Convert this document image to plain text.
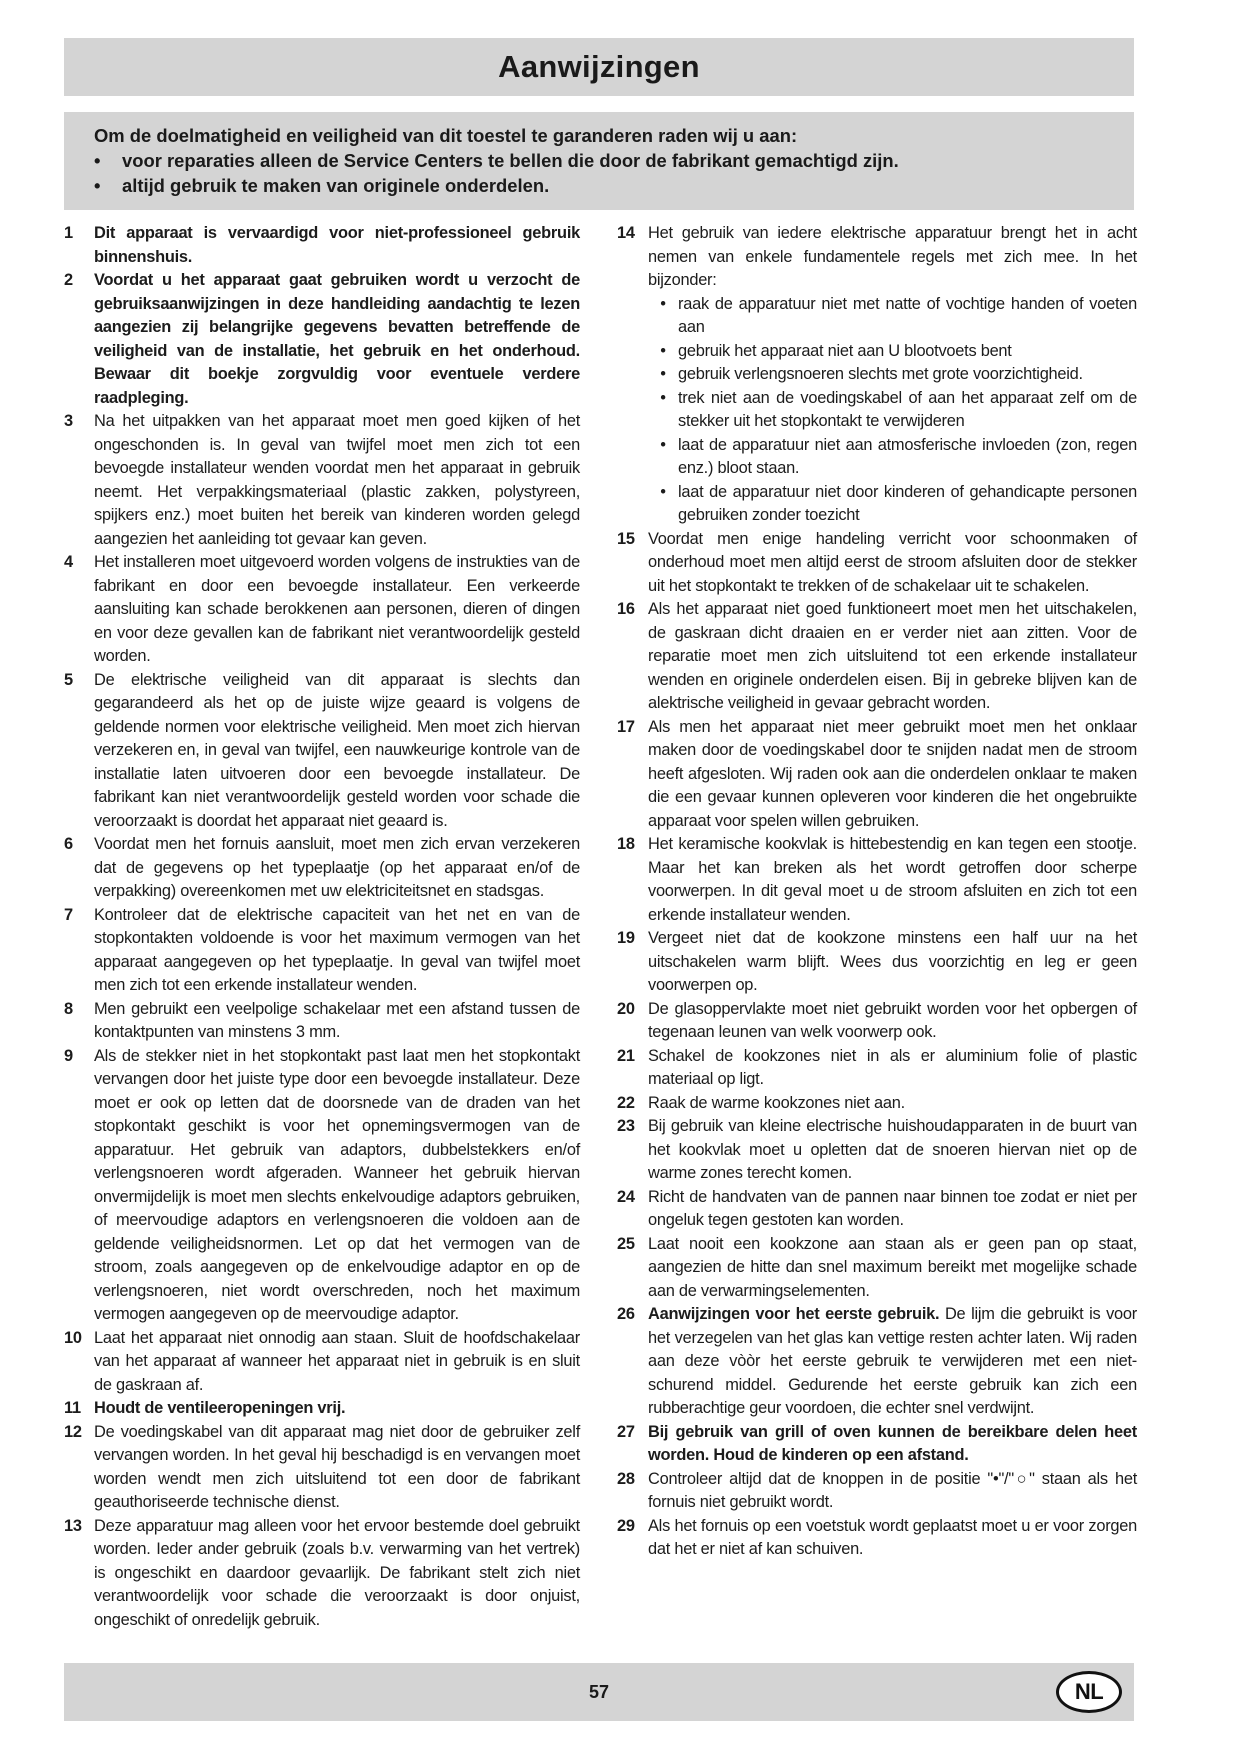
Aanwijzingen
Om de doelmatigheid en veiligheid van dit toestel te garanderen raden wij u aan:
•	voor reparaties alleen de Service Centers te bellen die door de fabrikant gemachtigd zijn.
•	altijd gebruik te maken van originele onderdelen.
1	Dit apparaat is vervaardigd voor niet-professioneel gebruik binnenshuis.
2	Voordat u het apparaat gaat gebruiken wordt u verzocht de gebruiksaanwijzingen in deze handleiding aandachtig te lezen aangezien zij belangrijke gegevens bevatten betreffende de veiligheid van de installatie, het gebruik en het onderhoud. Bewaar dit boekje zorgvuldig voor eventuele verdere raadpleging.
3	Na het uitpakken van het apparaat moet men goed kijken of het ongeschonden is. In geval van twijfel moet men zich tot een bevoegde installateur wenden voordat men het apparaat in gebruik neemt. Het verpakkingsmateriaal (plastic zakken, polystyreen, spijkers enz.) moet buiten het bereik van kinderen worden gelegd aangezien het aanleiding tot gevaar kan geven.
4	Het installeren moet uitgevoerd worden volgens de instrukties van de fabrikant en door een bevoegde installateur. Een verkeerde aansluiting kan schade berokkenen aan personen, dieren of dingen en voor deze gevallen kan de fabrikant niet verantwoordelijk gesteld worden.
5	De elektrische veiligheid van dit apparaat is slechts dan gegarandeerd als het op de juiste wijze geaard is volgens de geldende normen voor elektrische veiligheid. Men moet zich hiervan verzekeren en, in geval van twijfel, een nauwkeurige kontrole van de installatie laten uitvoeren door een bevoegde installateur. De fabrikant kan niet verantwoordelijk gesteld worden voor schade die veroorzaakt is doordat het apparaat niet geaard is.
6	Voordat men het fornuis aansluit, moet men zich ervan verzekeren dat de gegevens op het typeplaatje (op het apparaat en/of de verpakking) overeenkomen met uw elektriciteitsnet en stadsgas.
7	Kontroleer dat de elektrische capaciteit van het net en van de stopkontakten voldoende is voor het maximum vermogen van het apparaat aangegeven op het typeplaatje. In geval van twijfel moet men zich tot een erkende installateur wenden.
8	Men gebruikt een veelpolige schakelaar met een afstand tussen de kontaktpunten van minstens 3 mm.
9	Als de stekker niet in het stopkontakt past laat men het stopkontakt vervangen door het juiste type door een bevoegde installateur. Deze moet er ook op letten dat de doorsnede van de draden van het stopkontakt geschikt is voor het opnemingsvermogen van de apparatuur. Het gebruik van adaptors, dubbelstekkers en/of verlengsnoeren wordt afgeraden. Wanneer het gebruik hiervan onvermijdelijk is moet men slechts enkelvoudige adaptors gebruiken, of meervoudige adaptors en verlengsnoeren die voldoen aan de geldende veiligheidsnormen. Let op dat het vermogen van de stroom, zoals aangegeven op de enkelvoudige adaptor en op de verlengsnoeren, niet wordt overschreden, noch het maximum vermogen aangegeven op de meervoudige adaptor.
10 Laat het apparaat niet onnodig aan staan. Sluit de hoofdschakelaar van het apparaat af wanneer het apparaat niet in gebruik is en sluit de gaskraan af.
11 Houdt de ventileeropeningen vrij.
12 De voedingskabel van dit apparaat mag niet door de gebruiker zelf vervangen worden. In het geval hij beschadigd is en vervangen moet worden wendt men zich uitsluitend tot een door de fabrikant geauthoriseerde technische dienst.
13 Deze apparatuur mag alleen voor het ervoor bestemde doel gebruikt worden. Ieder ander gebruik (zoals b.v. verwarming van het vertrek) is ongeschikt en daardoor gevaarlijk. De fabrikant stelt zich niet verantwoordelijk voor schade die veroorzaakt is door onjuist, ongeschikt of onredelijk gebruik.
14 Het gebruik van iedere elektrische apparatuur brengt het in acht nemen van enkele fundamentele regels met zich mee. In het bijzonder:
• raak de apparatuur niet met natte of vochtige handen of voeten aan
• gebruik het apparaat niet aan U blootvoets bent
• gebruik verlengsnoeren slechts met grote voorzichtigheid.
• trek niet aan de voedingskabel of aan het apparaat zelf om de stekker uit het stopkontakt te verwijderen
• laat de apparatuur niet aan atmosferische invloeden (zon, regen enz.) bloot staan.
• laat de apparatuur niet door kinderen of gehandicapte personen gebruiken zonder toezicht
15 Voordat men enige handeling verricht voor schoonmaken of onderhoud moet men altijd eerst de stroom afsluiten door de stekker uit het stopkontakt te trekken of de schakelaar uit te schakelen.
16 Als het apparaat niet goed funktioneert moet men het uitschakelen, de gaskraan dicht draaien en er verder niet aan zitten. Voor de reparatie moet men zich uitsluitend tot een erkende installateur wenden en originele onderdelen eisen. Bij in gebreke blijven kan de alektrische veiligheid in gevaar gebracht worden.
17 Als men het apparaat niet meer gebruikt moet men het onklaar maken door de voedingskabel door te snijden nadat men de stroom heeft afgesloten. Wij raden ook aan die onderdelen onklaar te maken die een gevaar kunnen opleveren voor kinderen die het ongebruikte apparaat voor spelen willen gebruiken.
18 Het keramische kookvlak is hittebestendig en kan tegen een stootje. Maar het kan breken als het wordt getroffen door scherpe voorwerpen. In dit geval moet u de stroom afsluiten en zich tot een erkende installateur wenden.
19 Vergeet niet dat de kookzone minstens een half uur na het uitschakelen warm blijft. Wees dus voorzichtig en leg er geen voorwerpen op.
20 De glasoppervlakte moet niet gebruikt worden voor het opbergen of tegenaan leunen van welk voorwerp ook.
21 Schakel de kookzones niet in als er aluminium folie of plastic materiaal op ligt.
22 Raak de warme kookzones niet aan.
23 Bij gebruik van kleine electrische huishoudapparaten in de buurt van het kookvlak moet u opletten dat de snoeren hiervan niet op de warme zones terecht komen.
24 Richt de handvaten van de pannen naar binnen toe zodat er niet per ongeluk tegen gestoten kan worden.
25 Laat nooit een kookzone aan staan als er geen pan op staat, aangezien de hitte dan snel maximum bereikt met mogelijke schade aan de verwarmingselementen.
26 Aanwijzingen voor het eerste gebruik. De lijm die gebruikt is voor het verzegelen van het glas kan vettige resten achter laten. Wij raden aan deze vòòr het eerste gebruik te verwijderen met een niet-schurend middel. Gedurende het eerste gebruik kan zich een rubberachtige geur voordoen, die echter snel verdwijnt.
27 Bij gebruik van grill of oven kunnen de bereikbare delen heet worden. Houd de kinderen op een afstand.
28 Controleer altijd dat de knoppen in de positie "•"/"○" staan als het fornuis niet gebruikt wordt.
29 Als het fornuis op een voetstuk wordt geplaatst moet u er voor zorgen dat het er niet af kan schuiven.
57	NL
